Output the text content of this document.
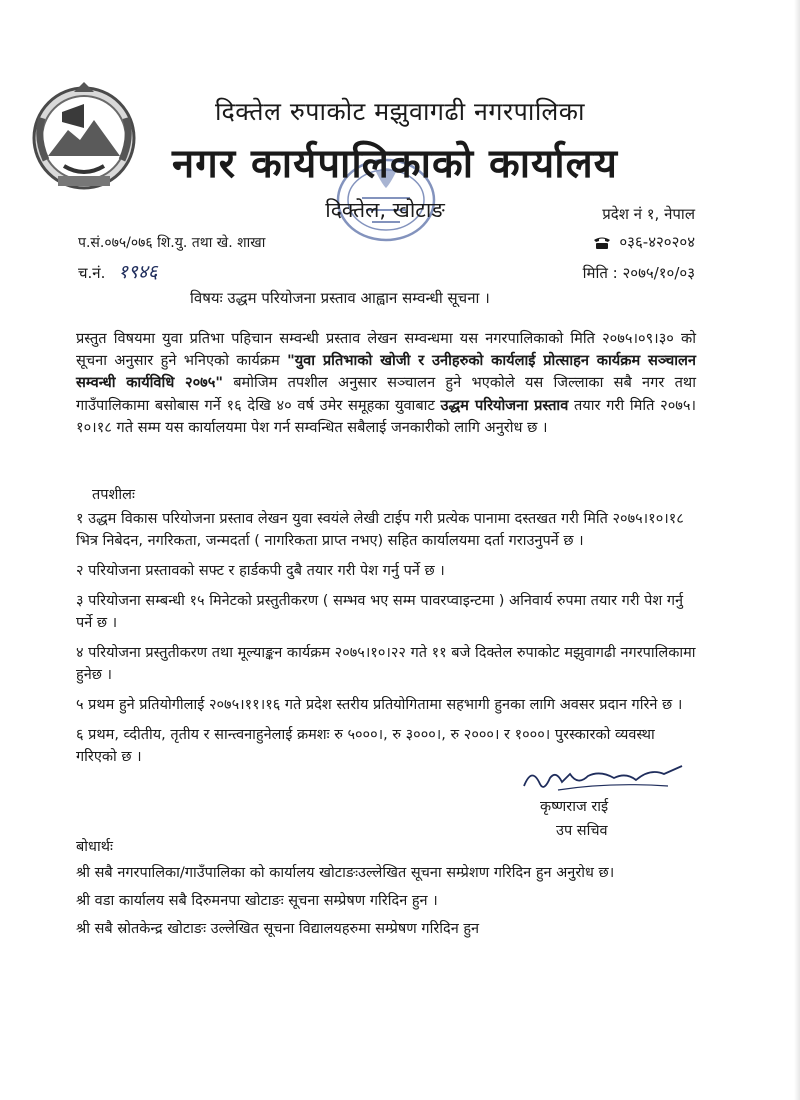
दिक्तेल रुपाकोट मझुवागढी नगरपालिका
नगर कार्यपालिकाको कार्यालय
दिक्तेल, खोटाङ	प्रदेश नं १, नेपाल
०३६-४२०२०४
मिति : २०७५/१०/०३
प.सं.०७५/०७६ शि.यु. तथा खे. शाखा
च.नं. १९४६
विषयः उद्धम परियोजना प्रस्ताव आह्वान सम्वन्धी सूचना ।
प्रस्तुत विषयमा युवा प्रतिभा पहिचान सम्वन्धी प्रस्ताव लेखन सम्वन्धमा यस नगरपालिकाको मिति २०७५।०९।३० को सूचना अनुसार हुने भनिएको कार्यक्रम "युवा प्रतिभाको खोजी र उनीहरुको कार्यलाई प्रोत्साहन कार्यक्रम सञ्चालन सम्वन्धी कार्यविधि २०७५" बमोजिम तपशील अनुसार सञ्चालन हुने भएकोले यस जिल्लाका सबै नगर तथा गाउँपालिकामा बसोबास गर्ने १६ देखि ४० वर्ष उमेर समूहका युवाबाट उद्धम परियोजना प्रस्ताव तयार गरी मिति २०७५।१०।१८ गते सम्म यस कार्यालयमा पेश गर्न सम्वन्धित सबैलाई जनकारीको लागि अनुरोध छ ।
तपशीलः
१ उद्धम विकास परियोजना प्रस्ताव लेखन युवा स्वयंले लेखी टाईप गरी प्रत्येक पानामा दस्तखत गरी मिति २०७५।१०।१८ भित्र निबेदन, नगरिकता, जन्मदर्ता ( नागरिकता प्राप्त नभए) सहित कार्यालयमा दर्ता गराउनुपर्ने छ ।
२ परियोजना प्रस्तावको सफ्ट र हार्डकपी दुबै तयार गरी पेश गर्नु पर्ने छ ।
३ परियोजना सम्बन्धी १५ मिनेटको प्रस्तुतीकरण ( सम्भव भए सम्म पावरप्वाइन्टमा ) अनिवार्य रुपमा तयार गरी पेश गर्नु पर्ने छ ।
४ परियोजना प्रस्तुतीकरण तथा मूल्याङ्कन कार्यक्रम २०७५।१०।२२ गते ११ बजे दिक्तेल रुपाकोट मझुवागढी नगरपालिकामा हुनेछ ।
५ प्रथम हुने प्रतियोगीलाई २०७५।११।१६ गते प्रदेश स्तरीय प्रतियोगितामा सहभागी हुनका लागि अवसर प्रदान गरिने छ ।
६ प्रथम, व्दीतीय, तृतीय र सान्त्वनाहुनेलाई क्रमशः रु ५०००।, रु ३०००।, रु २०००। र १०००। पुरस्कारको व्यवस्था गरिएको छ ।
कृष्णराज राई
उप सचिव
बोधार्थः
श्री सबै नगरपालिका/गाउँपालिका को कार्यालय खोटाङःउल्लेखित सूचना सम्प्रेशण गरिदिन हुन अनुरोध छ।
श्री वडा कार्यालय सबै दिरुमनपा खोटाङः सूचना सम्प्रेषण गरिदिन हुन ।
श्री सबै स्रोतकेन्द्र खोटाङः उल्लेखित सूचना विद्यालयहरुमा सम्प्रेषण गरिदिन हुन
